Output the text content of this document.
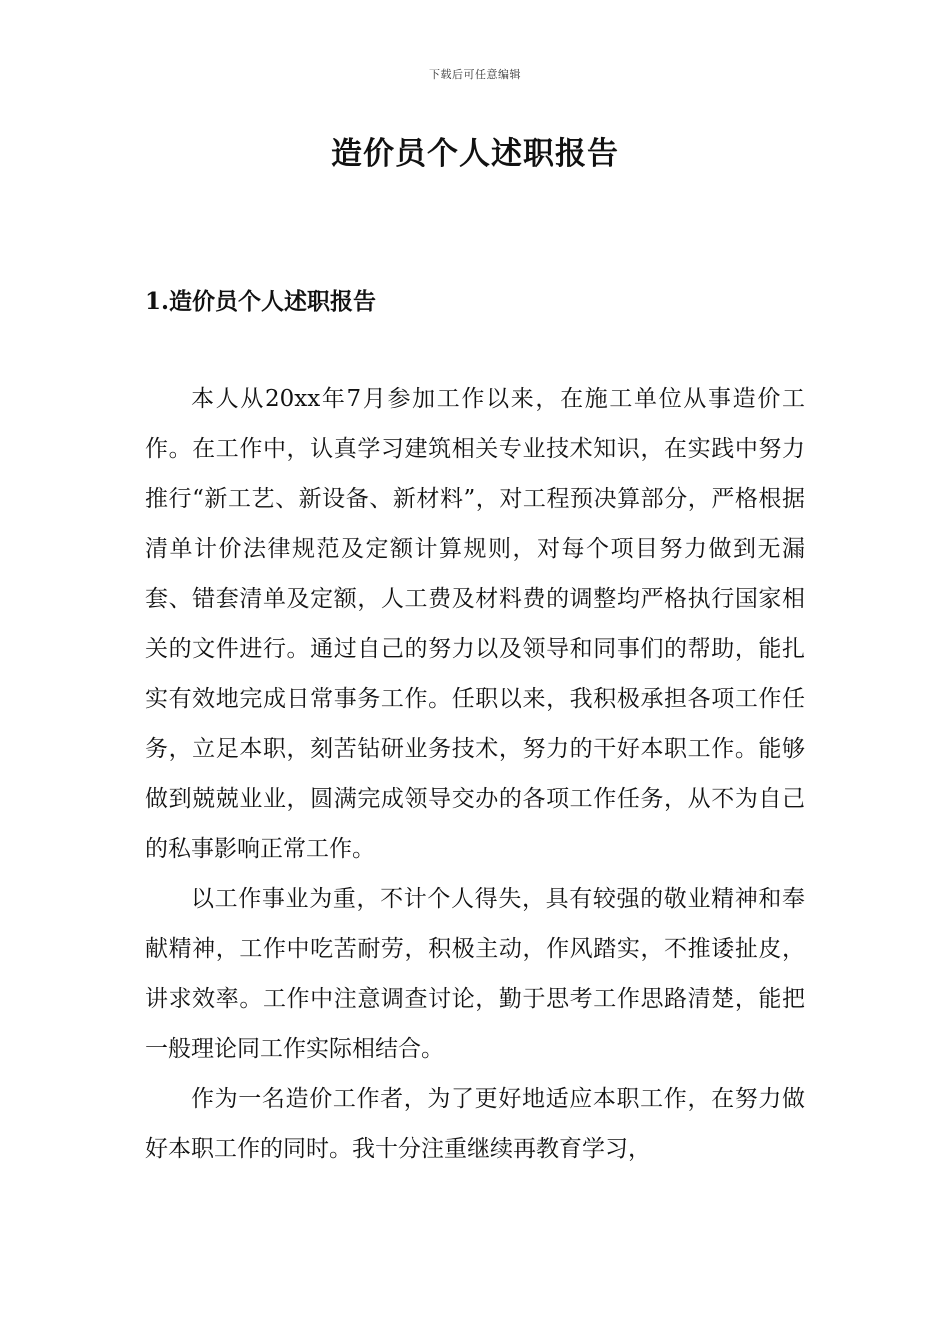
下载后可任意编辑
造价员个人述职报告
1.造价员个人述职报告

本人从20xx年7月参加工作以来，在施工单位从事造价工作。在工作中，认真学习建筑相关专业技术知识，在实践中努力推行“新工艺、新设备、新材料”，对工程预决算部分，严格根据清单计价法律规范及定额计算规则，对每个项目努力做到无漏套、错套清单及定额，人工费及材料费的调整均严格执行国家相关的文件进行。通过自己的努力以及领导和同事们的帮助，能扎实有效地完成日常事务工作。任职以来，我积极承担各项工作任务，立足本职，刻苦钻研业务技术，努力的干好本职工作。能够做到兢兢业业，圆满完成领导交办的各项工作任务，从不为自己的私事影响正常工作。

以工作事业为重，不计个人得失，具有较强的敬业精神和奉献精神，工作中吃苦耐劳，积极主动，作风踏实，不推诿扯皮，讲求效率。工作中注意调查讨论，勤于思考工作思路清楚，能把一般理论同工作实际相结合。

作为一名造价工作者，为了更好地适应本职工作，在努力做好本职工作的同时。我十分注重继续再教育学习，
